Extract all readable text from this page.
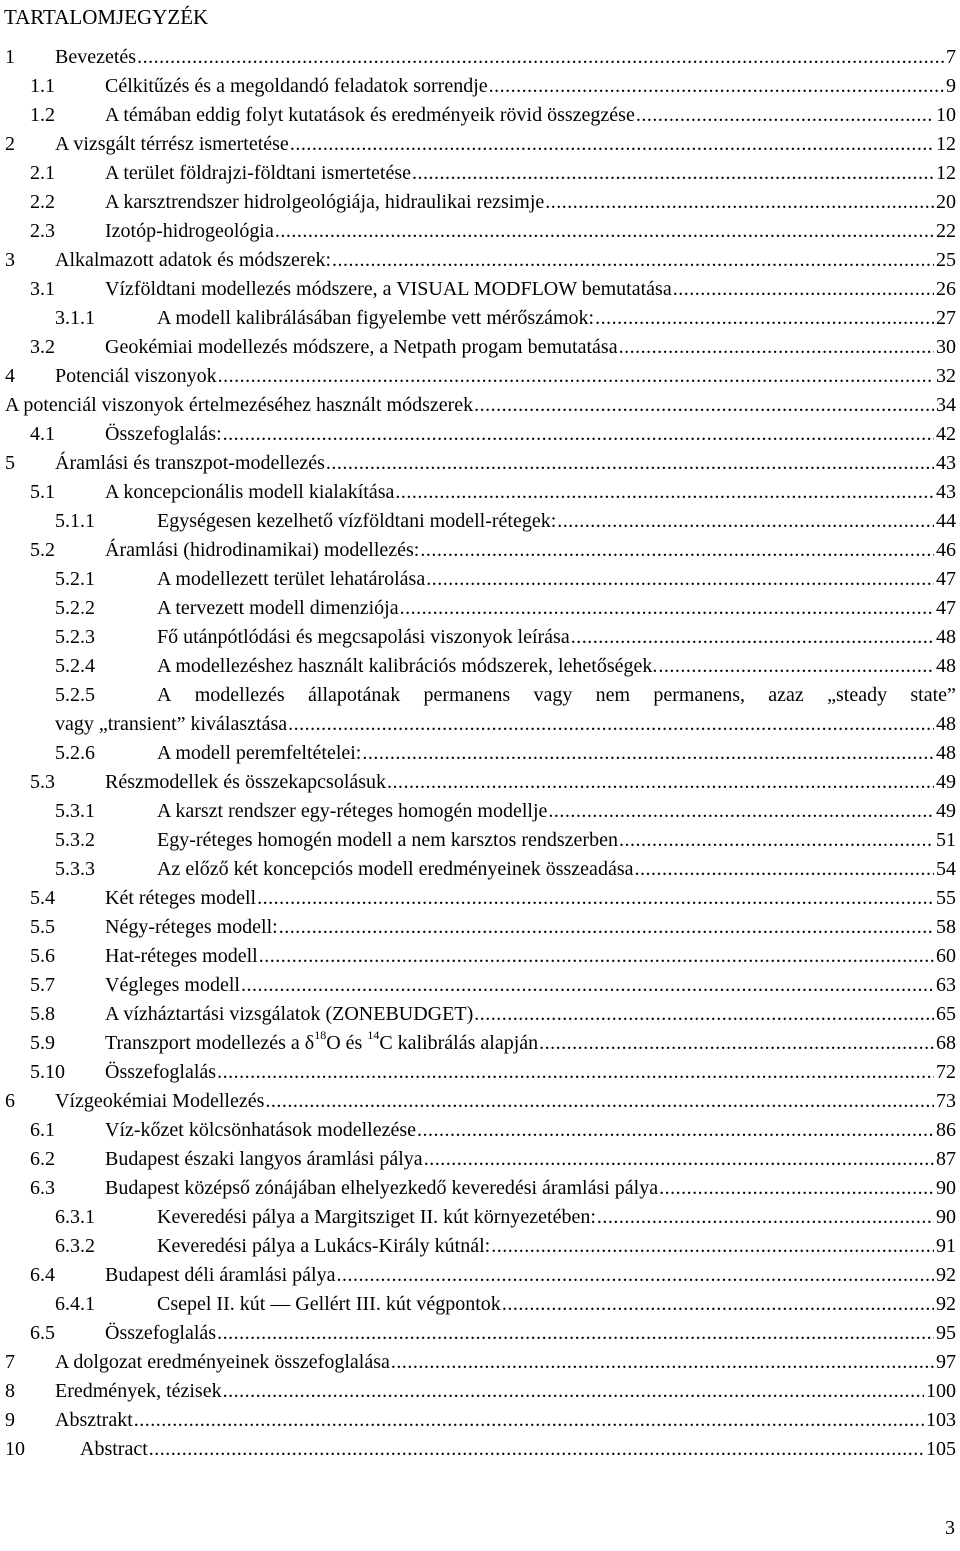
TARTALOMJEGYZÉK
1 Bevezetés .....	7
1.1	Célkitűzés és a megoldandó feladatok sorrendje .....	9
1.2	A témában eddig folyt kutatások és eredményeik rövid összegzése .....	10
2 A vizsgált térrész ismertetése .....	12
2.1	A terület földrajzi-földtani ismertetése .....	12
2.2	A karsztrendszer hidrolgeológiája, hidraulikai rezsimje .....	20
2.3	Izotóp-hidrogeológia .....	22
3 Alkalmazott adatok és módszerek: .....	25
3.1	Vízföldtani modellezés módszere, a VISUAL MODFLOW bemutatása .....	26
3.1.1	A modell kalibrálásában figyelembe vett mérőszámok: .....	27
3.2	Geokémiai modellezés módszere, a Netpath progam bemutatása .....	30
4 Potenciál viszonyok .....	32
A potenciál viszonyok értelmezéséhez használt módszerek .....	34
4.1	Összefoglalás: .....	42
5 Áramlási és transzpot-modellezés .....	43
5.1	A koncepcionális modell kialakítása .....	43
5.1.1	Egységesen kezelhető vízföldtani modell-rétegek: .....	44
5.2	Áramlási (hidrodinamikai) modellezés: .....	46
5.2.1	A modellezett terület lehatárolása .....	47
5.2.2	A tervezett modell dimenziója .....	47
5.2.3	Fő utánpótlódási és megcsapolási viszonyok leírása .....	48
5.2.4	A modellezéshez használt kalibrációs módszerek, lehetőségek. .....	48
5.2.5	A modellezés állapotának permanens vagy nem permanens, azaz „steady state”
vagy „transient” kiválasztása .....	48
5.2.6	A modell peremfeltételei: .....	48
5.3	Részmodellek és összekapcsolásuk .....	49
5.3.1	A karszt rendszer egy-réteges homogén modellje .....	49
5.3.2	Egy-réteges homogén modell a nem karsztos rendszerben .....	51
5.3.3	Az előző két koncepciós modell eredményeinek összeadása .....	54
5.4	Két réteges modell .....	55
5.5	Négy-réteges modell: .....	58
5.6	Hat-réteges modell .....	60
5.7	Végleges modell .....	63
5.8	A vízháztartási vizsgálatok (ZONEBUDGET) .....	65
5.9	Transzport modellezés a $\delta^{18}O$ és $^{14}$C kalibrálás alapján .....	68
5.10 Összefoglalás .....	72
6 Vízgeokémiai Modellezés .....	73
6.1	Víz-kőzet kölcsönhatások modellezése .....	86
6.2	Budapest északi langyos áramlási pálya .....	87
6.3	Budapest középső zónájában elhelyezkedő keveredési áramlási pálya .....	90
6.3.1	Keveredési pálya a Margitsziget II. kút környezetében: .....	90
6.3.2	Keveredési pálya a Lukács-Király kútnál: .....	91
6.4	Budapest déli áramlási pálya .....	92
6.4.1	Csepel II. kút — Gellért III. kút végpontok .....	92
6.5	Összefoglalás .....	95
7 A dolgozat eredményeinek összefoglalása .....	97
8 Eredmények, tézisek .....	100
9 Absztrakt .....	103
10	Abstract .....	105
3
